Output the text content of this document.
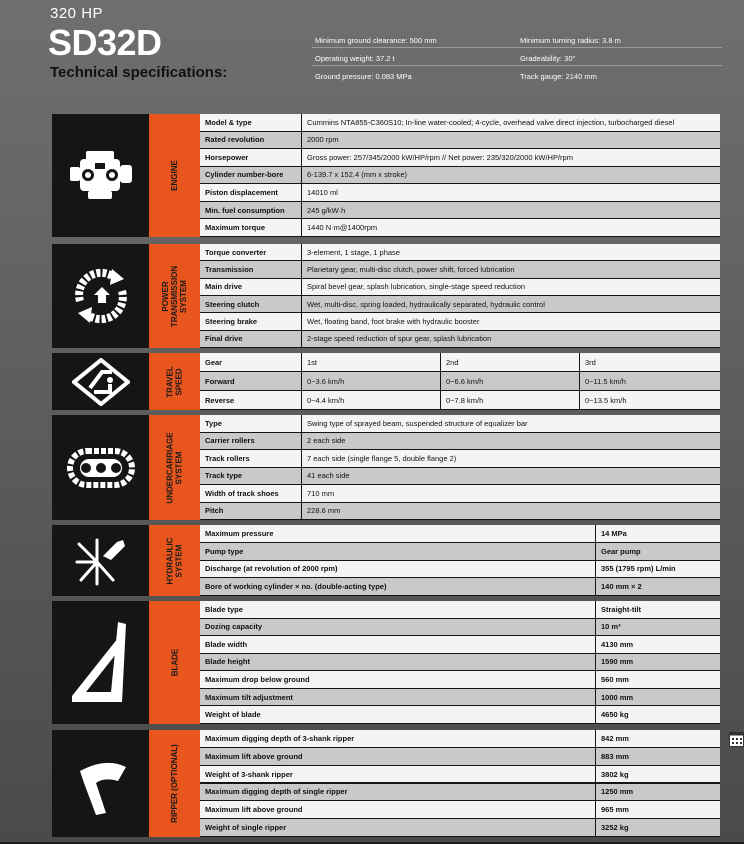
320 HP
SD32D
Technical specifications:
Minimum ground clearance: 500 mm	Minimum turning radius: 3.8 m
Operating weight: 37.2 t	Gradeability: 30°
Ground pressure: 0.083 MPa	Track gauge: 2140 mm
ENGINE
Model & type	Cummins NTA855-C360S10; In-line water-cooled; 4-cycle, overhead valve direct injection, turbocharged diesel
Rated revolution	2000 rpm
Horsepower	Gross power: 257/345/2000 kW/HP/rpm // Net power: 235/320/2000 kW/HP/rpm
Cylinder number-bore	6-139.7 x 152.4 (mm x stroke)
Piston displacement	14010 ml
Min. fuel consumption	245 g/kW·h
Maximum torque	1440 N·m@1400rpm
POWER TRANSMISSION SYSTEM
Torque converter	3-element, 1 stage, 1 phase
Transmission	Planetary gear, multi-disc clutch, power shift, forced lubrication
Main drive	Spiral bevel gear, splash lubrication, single-stage speed reduction
Steering clutch	Wet, multi-disc, spring loaded, hydraulically separated, hydraulic control
Steering brake	Wet, floating band, foot brake with hydraulic booster
Final drive	2-stage speed reduction of spur gear, splash lubrication
TRAVEL SPEED
Gear	1st	2nd	3rd
Forward	0~3.6 km/h	0~6.6 km/h	0~11.5 km/h
Reverse	0~4.4 km/h	0~7.8 km/h	0~13.5 km/h
UNDERCARRIAGE SYSTEM
Type	Swing type of sprayed beam, suspended structure of equalizer bar
Carrier rollers	2 each side
Track rollers	7 each side (single flange 5, double flange 2)
Track type	41 each side
Width of track shoes	710 mm
Pitch	228.6 mm
HYDRAULIC SYSTEM
Maximum pressure	14 MPa
Pump type	Gear pump
Discharge (at revolution of 2000 rpm)	355 (1795 rpm) L/min
Bore of working cylinder × no. (double-acting type)	140 mm × 2
BLADE
Blade type	Straight-tilt
Dozing capacity	10 m³
Blade width	4130 mm
Blade height	1590 mm
Maximum drop below ground	560 mm
Maximum tilt adjustment	1000 mm
Weight of blade	4650 kg
RIPPER (OPTIONAL)
Maximum digging depth of 3-shank ripper	842 mm
Maximum lift above ground	883 mm
Weight of 3-shank ripper	3802 kg
Maximum digging depth of single ripper	1250 mm
Maximum lift above ground	965 mm
Weight of single ripper	3252 kg
